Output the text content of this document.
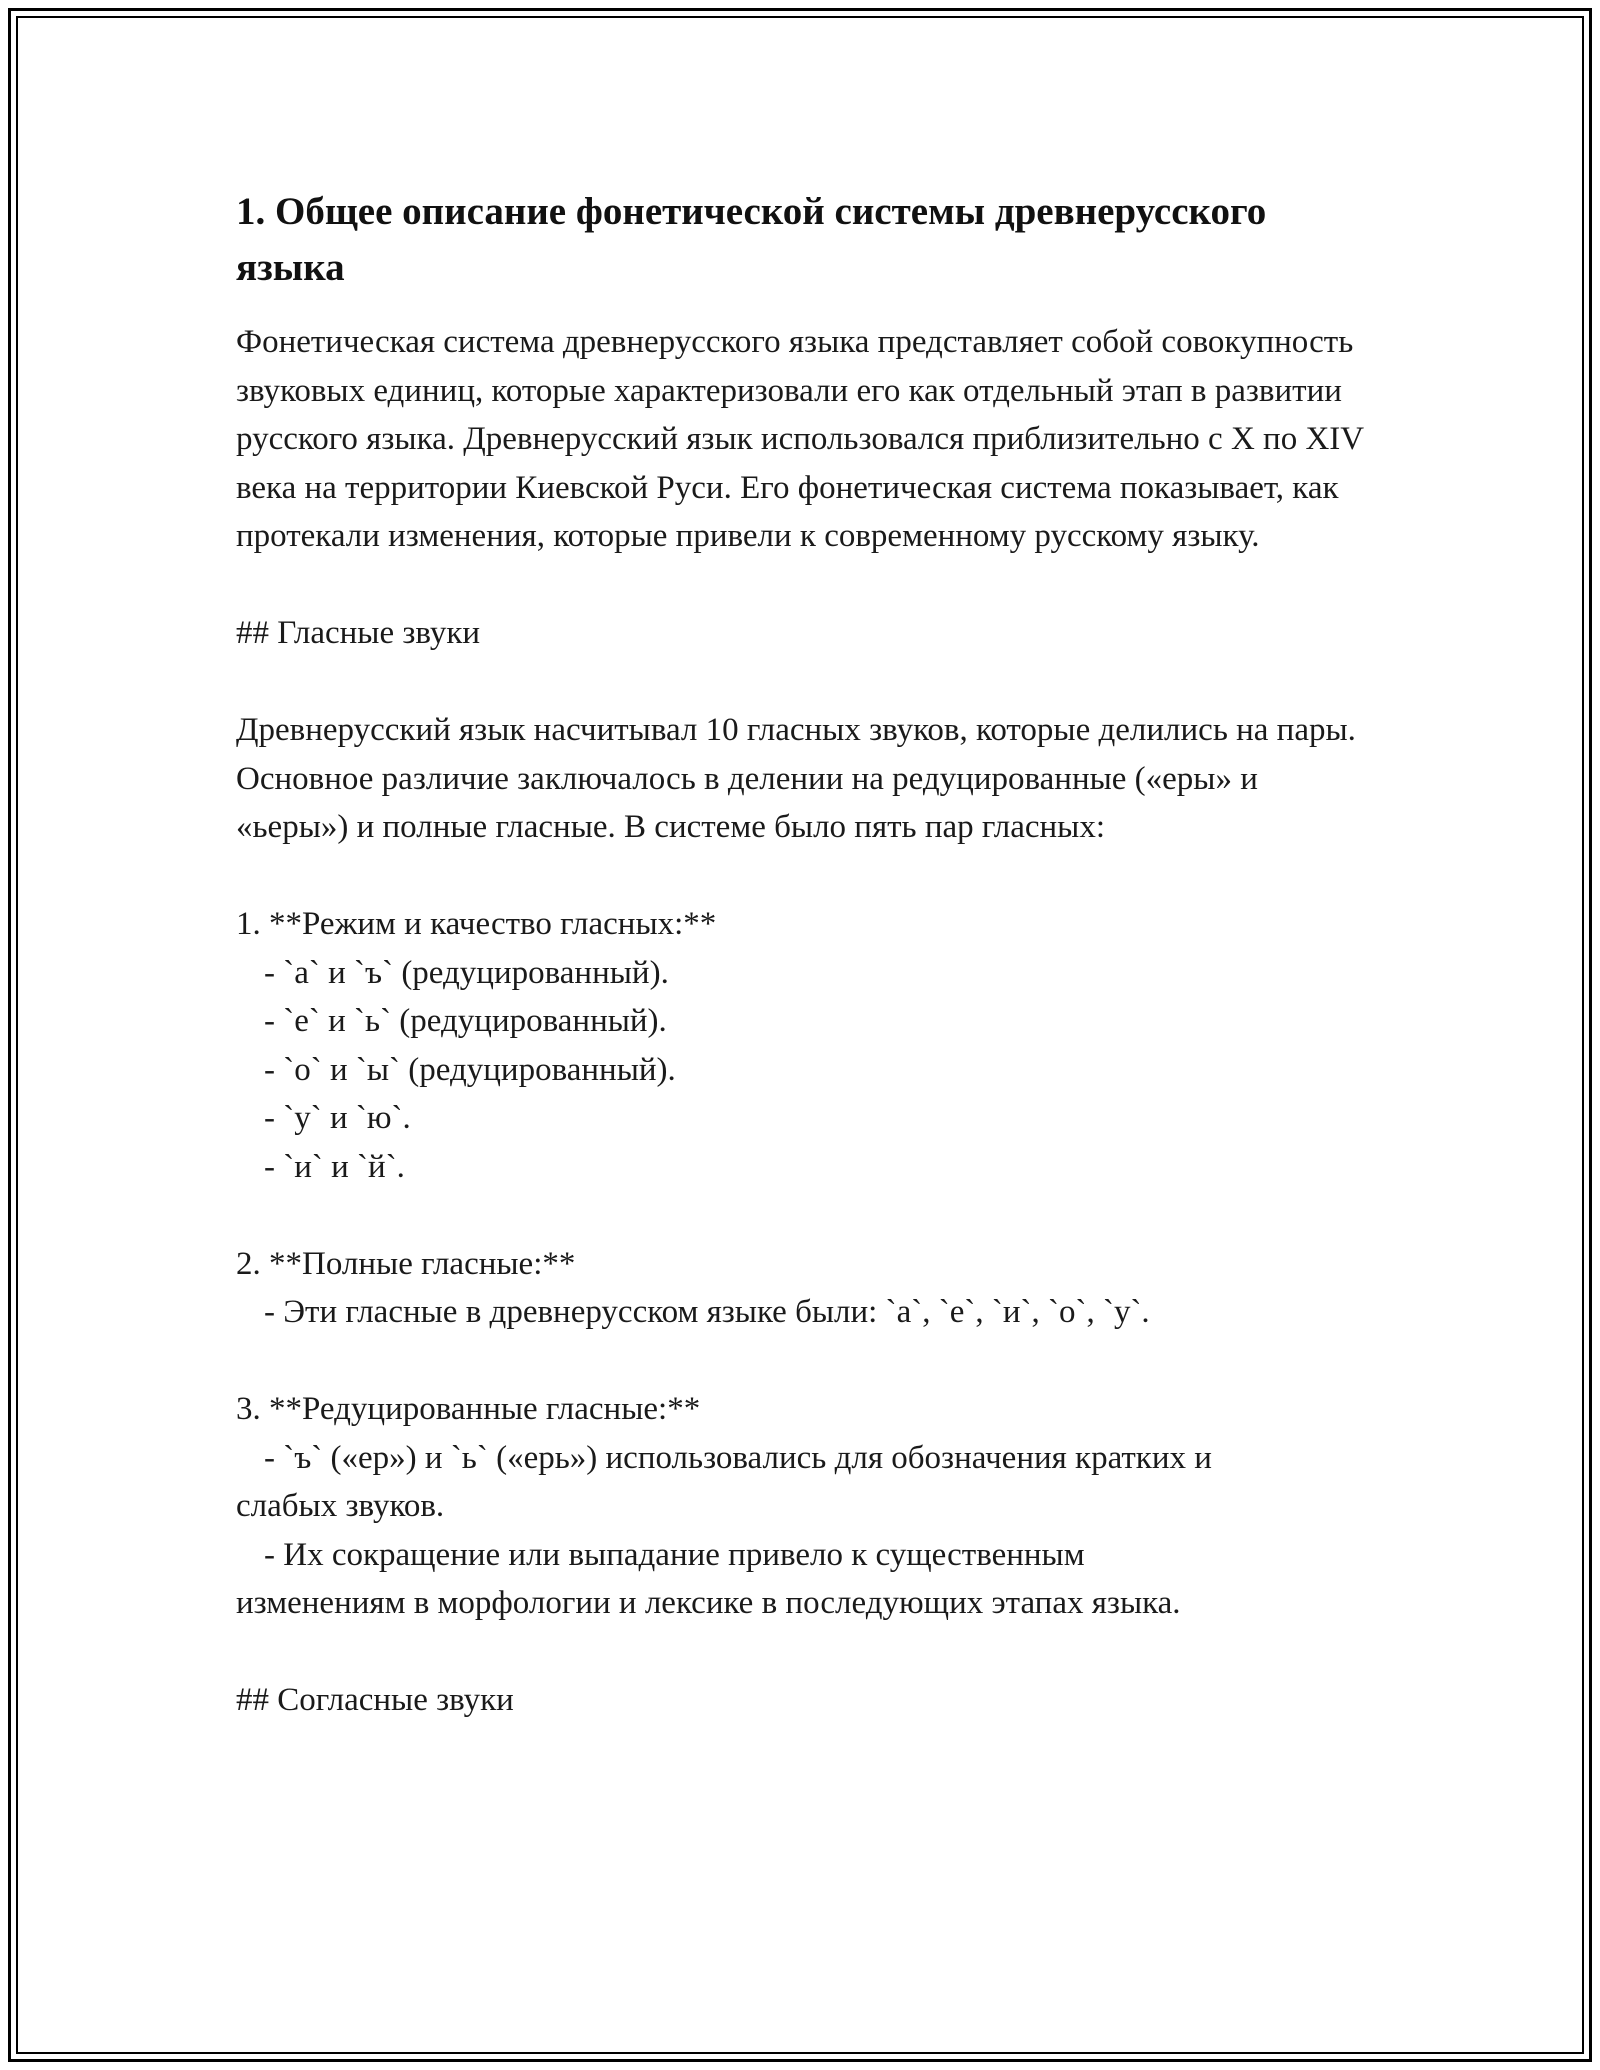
1. Общее описание фонетической системы древнерусского языка

Фонетическая система древнерусского языка представляет собой совокупность звуковых единиц, которые характеризовали его как отдельный этап в развитии русского языка. Древнерусский язык использовался приблизительно с X по XIV века на территории Киевской Руси. Его фонетическая система показывает, как протекали изменения, которые привели к современному русскому языку.

## Гласные звуки

Древнерусский язык насчитывал 10 гласных звуков, которые делились на пары. Основное различие заключалось в делении на редуцированные («еры» и «ьеры») и полные гласные. В системе было пять пар гласных:

1. **Режим и качество гласных:**

- `а` и `ъ` (редуцированный).

- `е` и `ь` (редуцированный).

- `о` и `ы` (редуцированный).

- `у` и `ю`.

- `и` и `й`.

2. **Полные гласные:**

- Эти гласные в древнерусском языке были: `а`, `е`, `и`, `о`, `у`.

3. **Редуцированные гласные:**

- `ъ` («ер») и `ь` («ерь») использовались для обозначения кратких и

слабых звуков.

- Их сокращение или выпадание привело к существенным

изменениям в морфологии и лексике в последующих этапах языка.

## Согласные звуки
